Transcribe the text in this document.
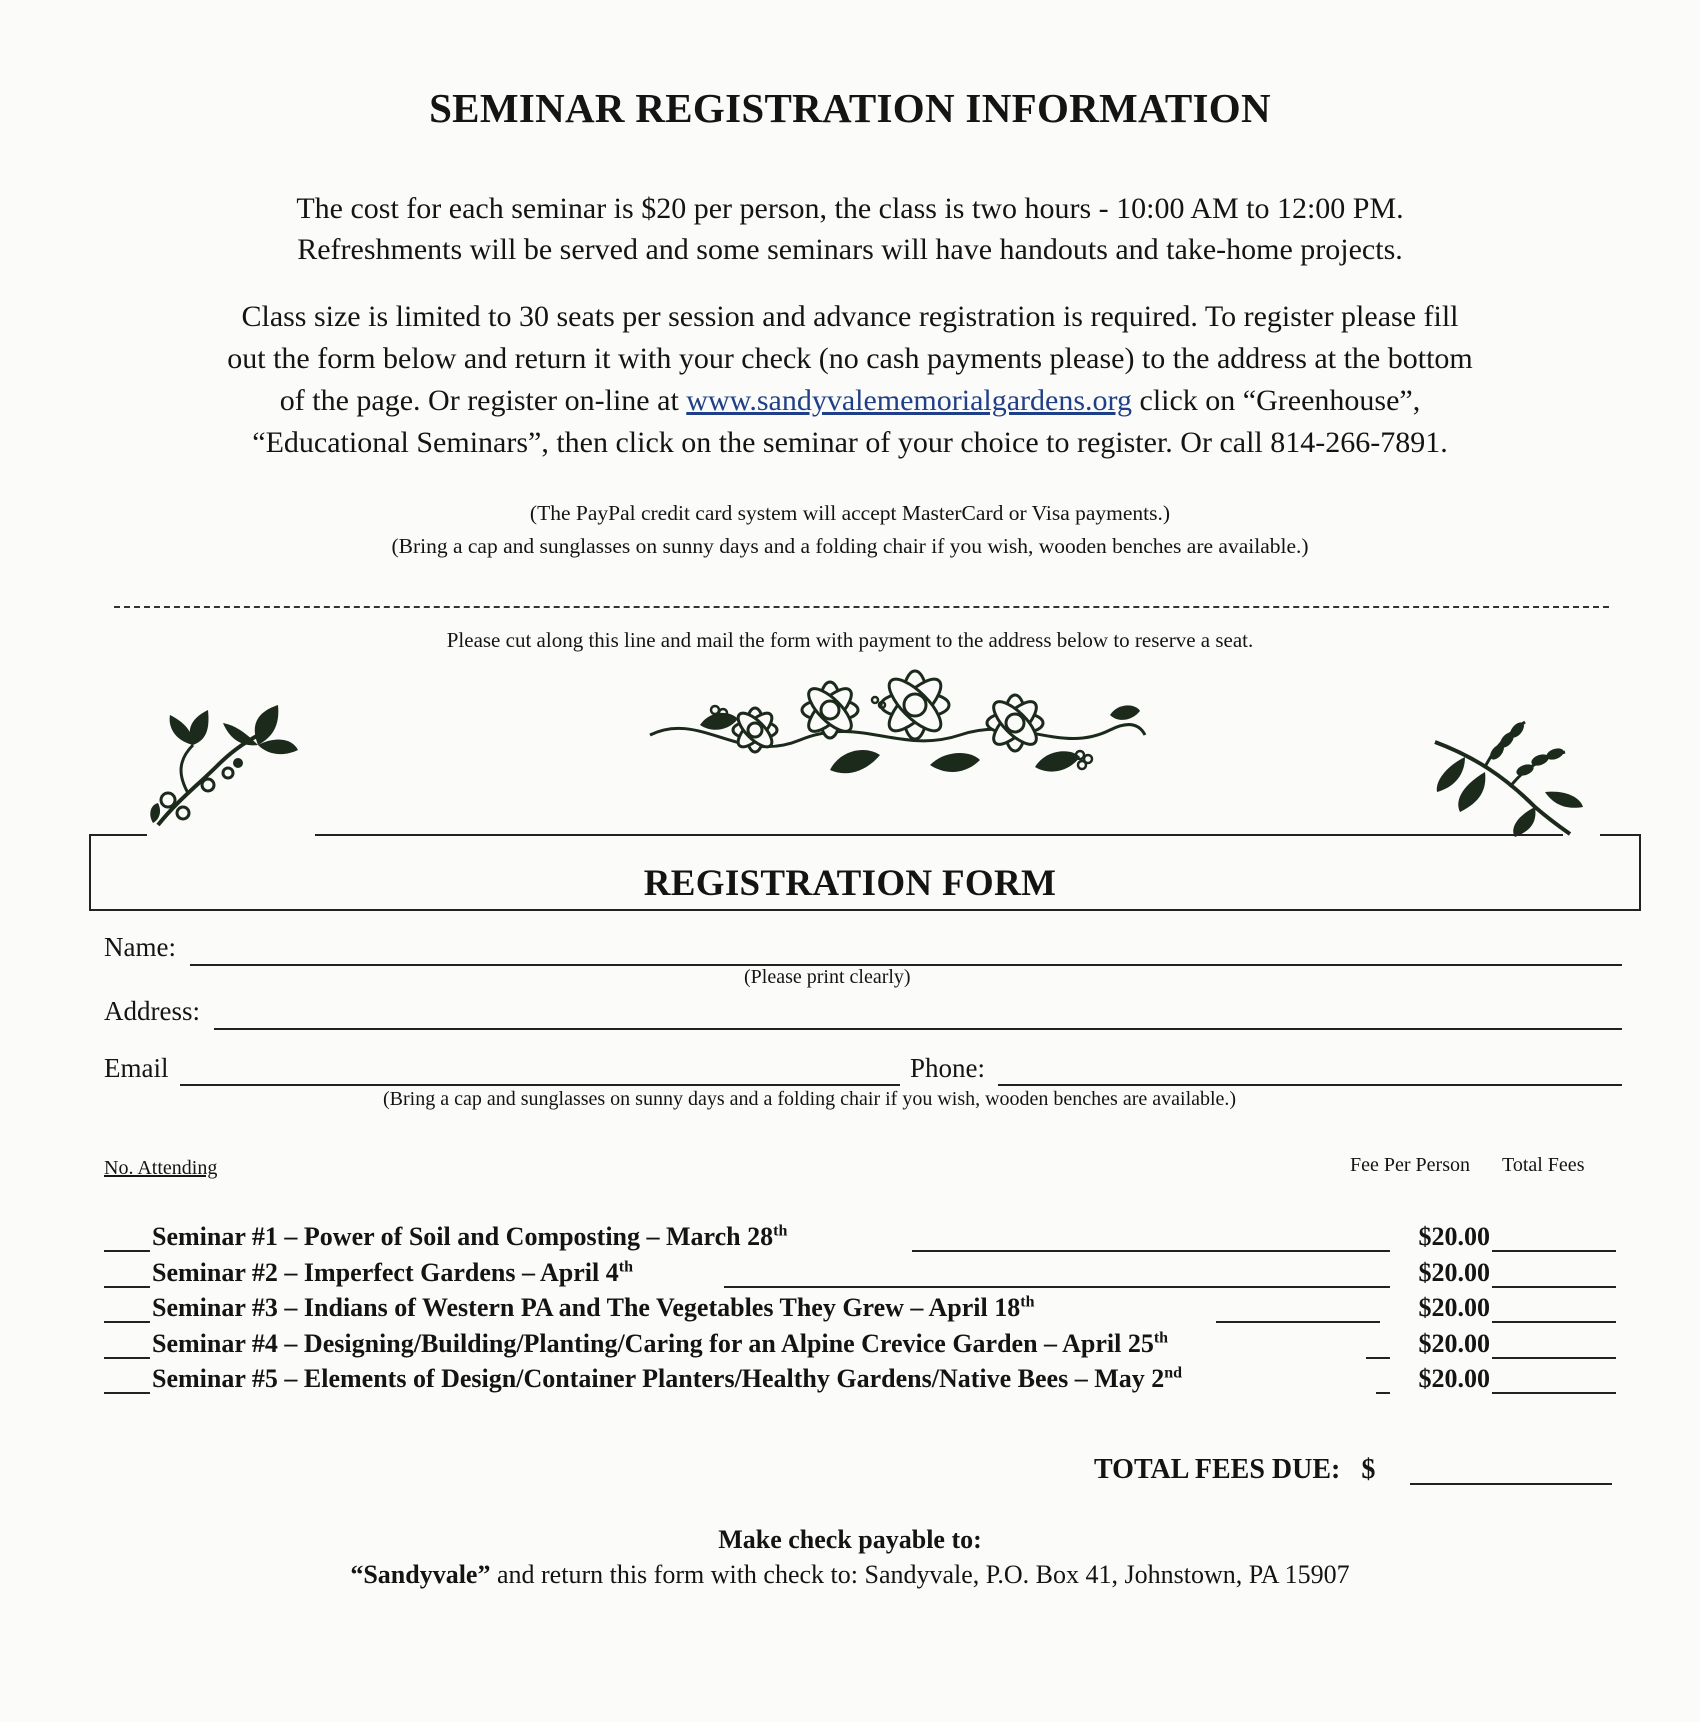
SEMINAR REGISTRATION INFORMATION
The cost for each seminar is $20 per person, the class is two hours - 10:00 AM to 12:00 PM.
Refreshments will be served and some seminars will have handouts and take-home projects.
Class size is limited to 30 seats per session and advance registration is required. To register please fill
out the form below and return it with your check (no cash payments please) to the address at the bottom
of the page. Or register on-line at www.sandyvalememorialgardens.org click on “Greenhouse”,
“Educational Seminars”, then click on the seminar of your choice to register. Or call 814-266-7891.
(The PayPal credit card system will accept MasterCard or Visa payments.)
(Bring a cap and sunglasses on sunny days and a folding chair if you wish, wooden benches are available.)
Please cut along this line and mail the form with payment to the address below to reserve a seat.
REGISTRATION FORM
Name:
(Please print clearly)
Address:
Email	Phone:
(Bring a cap and sunglasses on sunny days and a folding chair if you wish, wooden benches are available.)
No. Attending	Fee Per Person Total Fees
Seminar #1 – Power of Soil and Composting – March 28th	$20.00
Seminar #2 – Imperfect Gardens – April 4th	$20.00
Seminar #3 – Indians of Western PA and The Vegetables They Grew – April 18th	$20.00
Seminar #4 – Designing/Building/Planting/Caring for an Alpine Crevice Garden – April 25th	$20.00
Seminar #5 – Elements of Design/Container Planters/Healthy Gardens/Native Bees – May 2nd	$20.00
TOTAL FEES DUE: $
Make check payable to:
“Sandyvale” and return this form with check to: Sandyvale, P.O. Box 41, Johnstown, PA 15907
